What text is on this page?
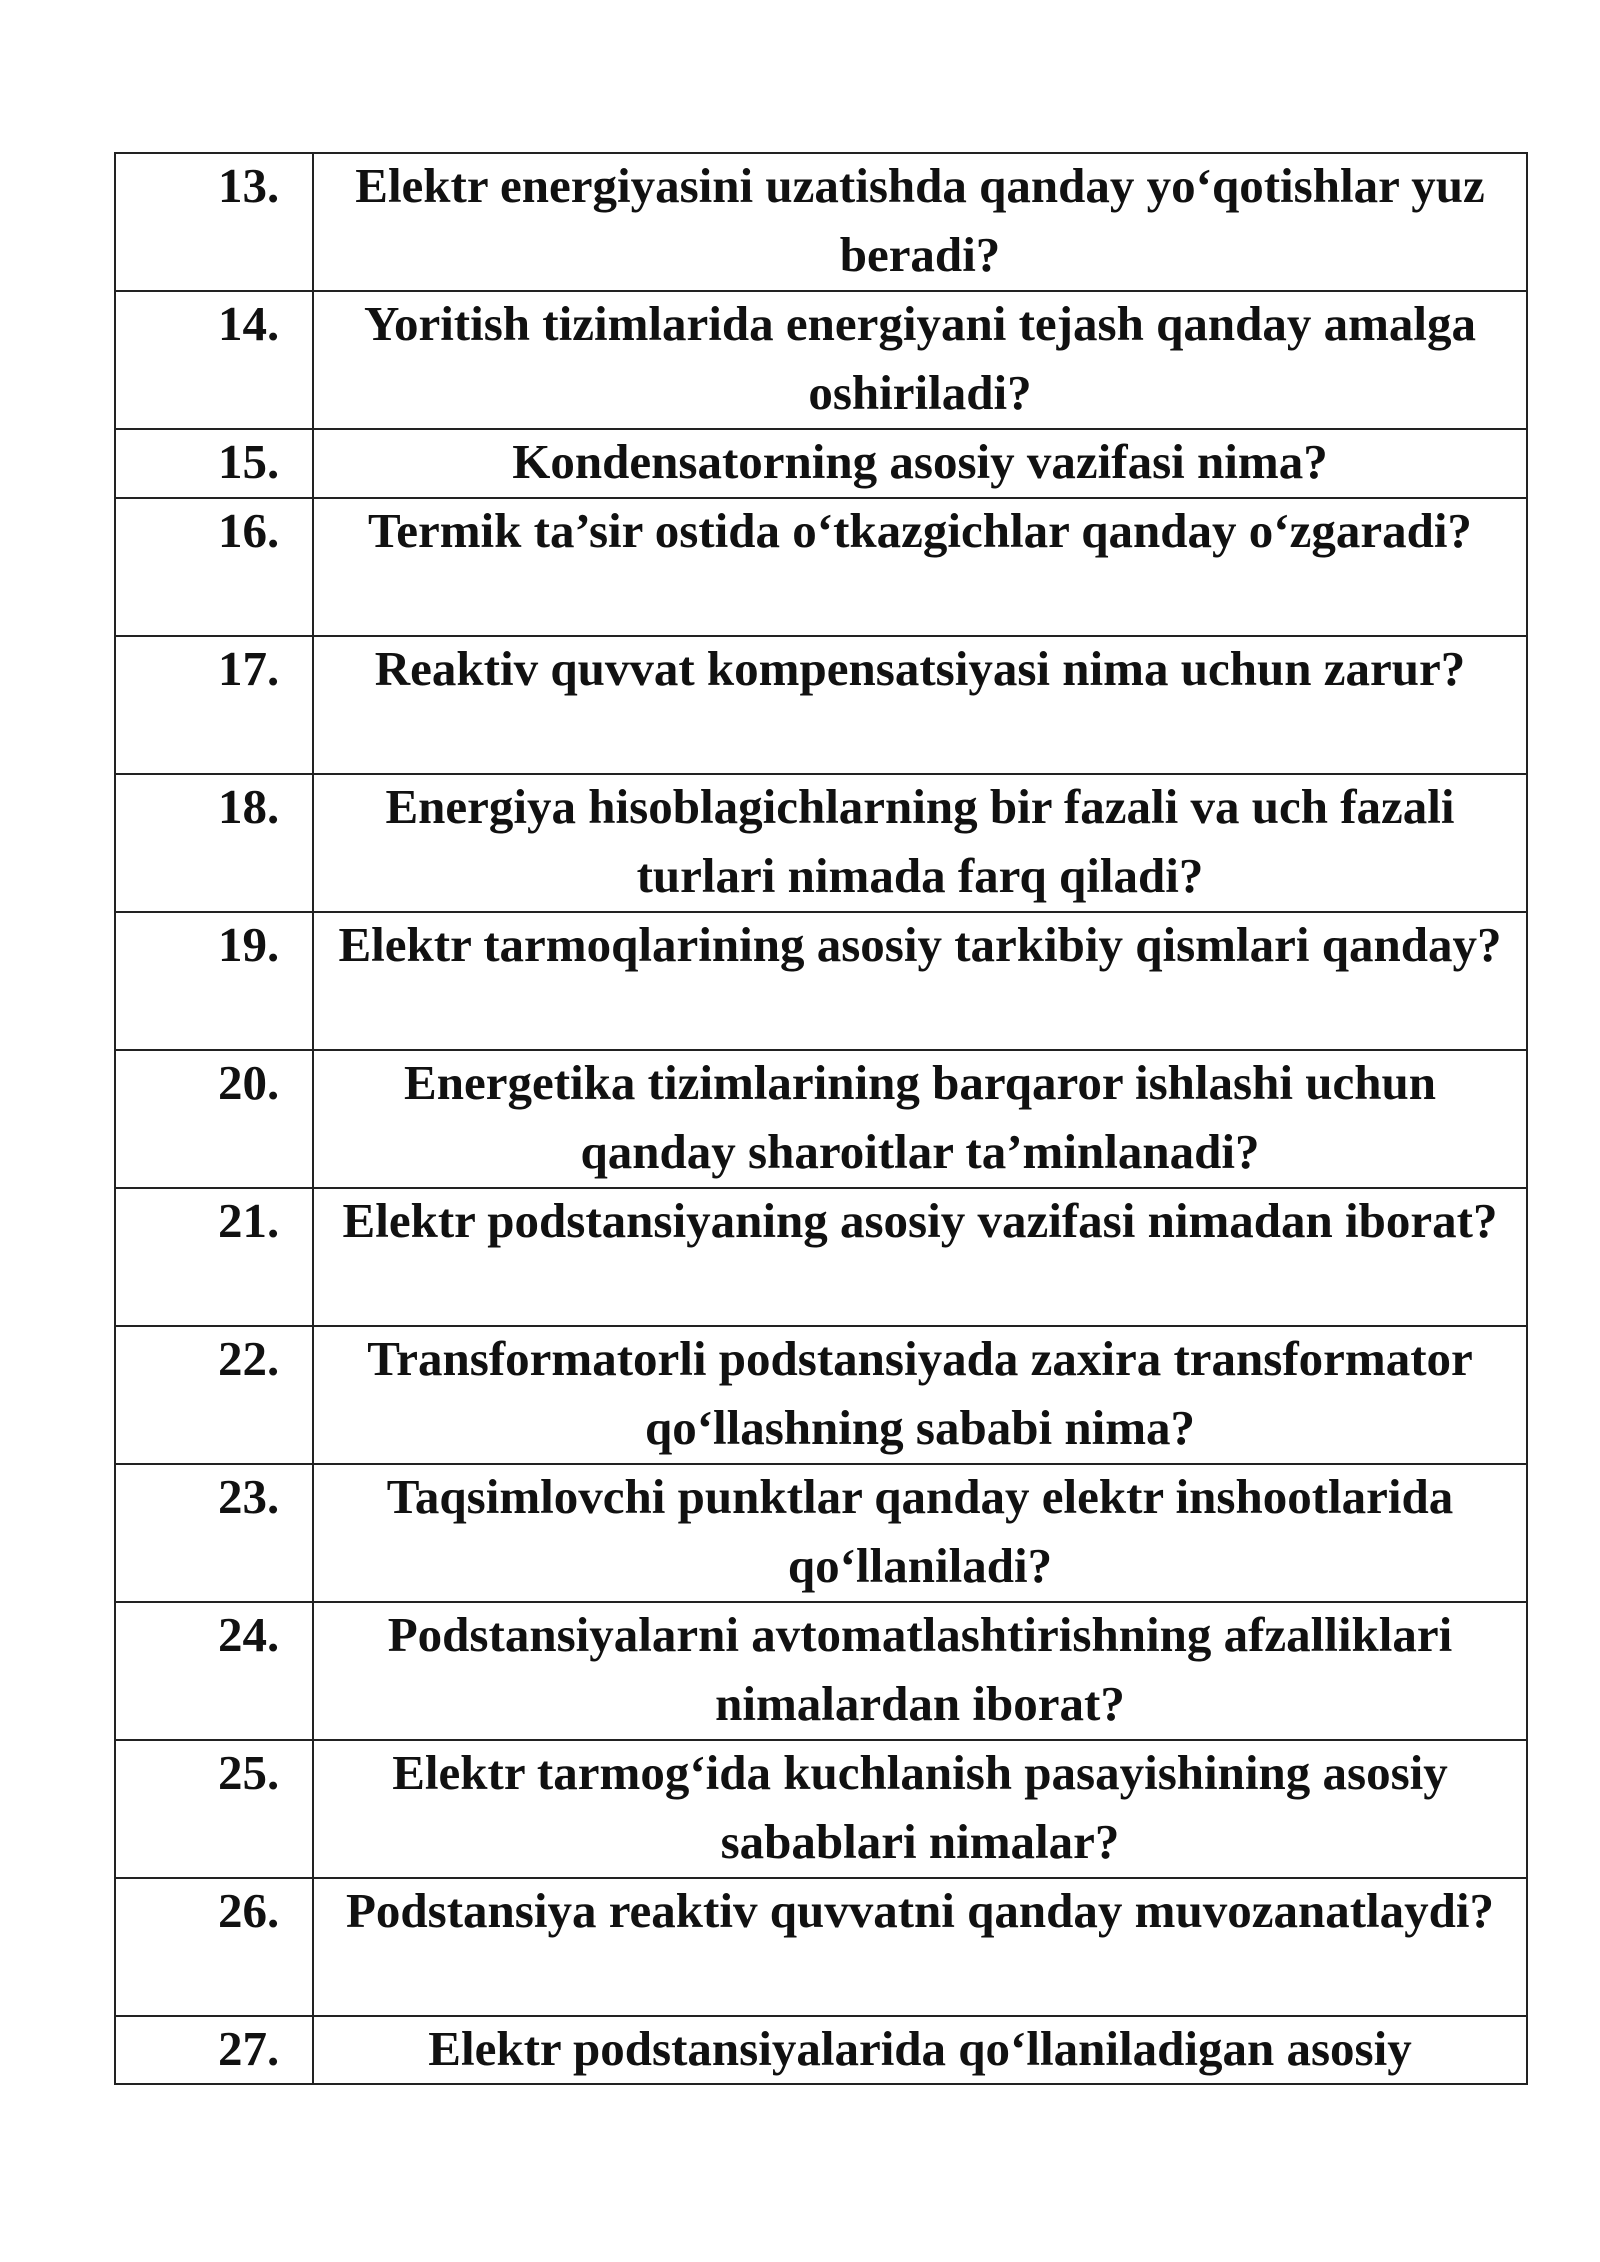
13.	Elektr energiyasini uzatishda qanday yo‘qotishlar yuz beradi?

14.	Yoritish tizimlarida energiyani tejash qanday amalga oshiriladi?

15.	Kondensatorning asosiy vazifasi nima?

16.	Termik ta’sir ostida o‘tkazgichlar qanday o‘zgaradi?

17.	Reaktiv quvvat kompensatsiyasi nima uchun zarur?

18.	Energiya hisoblagichlarning bir fazali va uch fazali turlari nimada farq qiladi?

19.	Elektr tarmoqlarining asosiy tarkibiy qismlari qanday?

20.	Energetika tizimlarining barqaror ishlashi uchun qanday sharoitlar ta’minlanadi?

21.	Elektr podstansiyaning asosiy vazifasi nimadan iborat?

22.	Transformatorli podstansiyada zaxira transformator qo‘llashning sababi nima?

23.	Taqsimlovchi punktlar qanday elektr inshootlarida qo‘llaniladi?

24.	Podstansiyalarni avtomatlashtirishning afzalliklari nimalardan iborat?

25.	Elektr tarmog‘ida kuchlanish pasayishining asosiy sabablari nimalar?

26.	Podstansiya reaktiv quvvatni qanday muvozanatlaydi?

27.	Elektr podstansiyalarida qo‘llaniladigan asosiy
